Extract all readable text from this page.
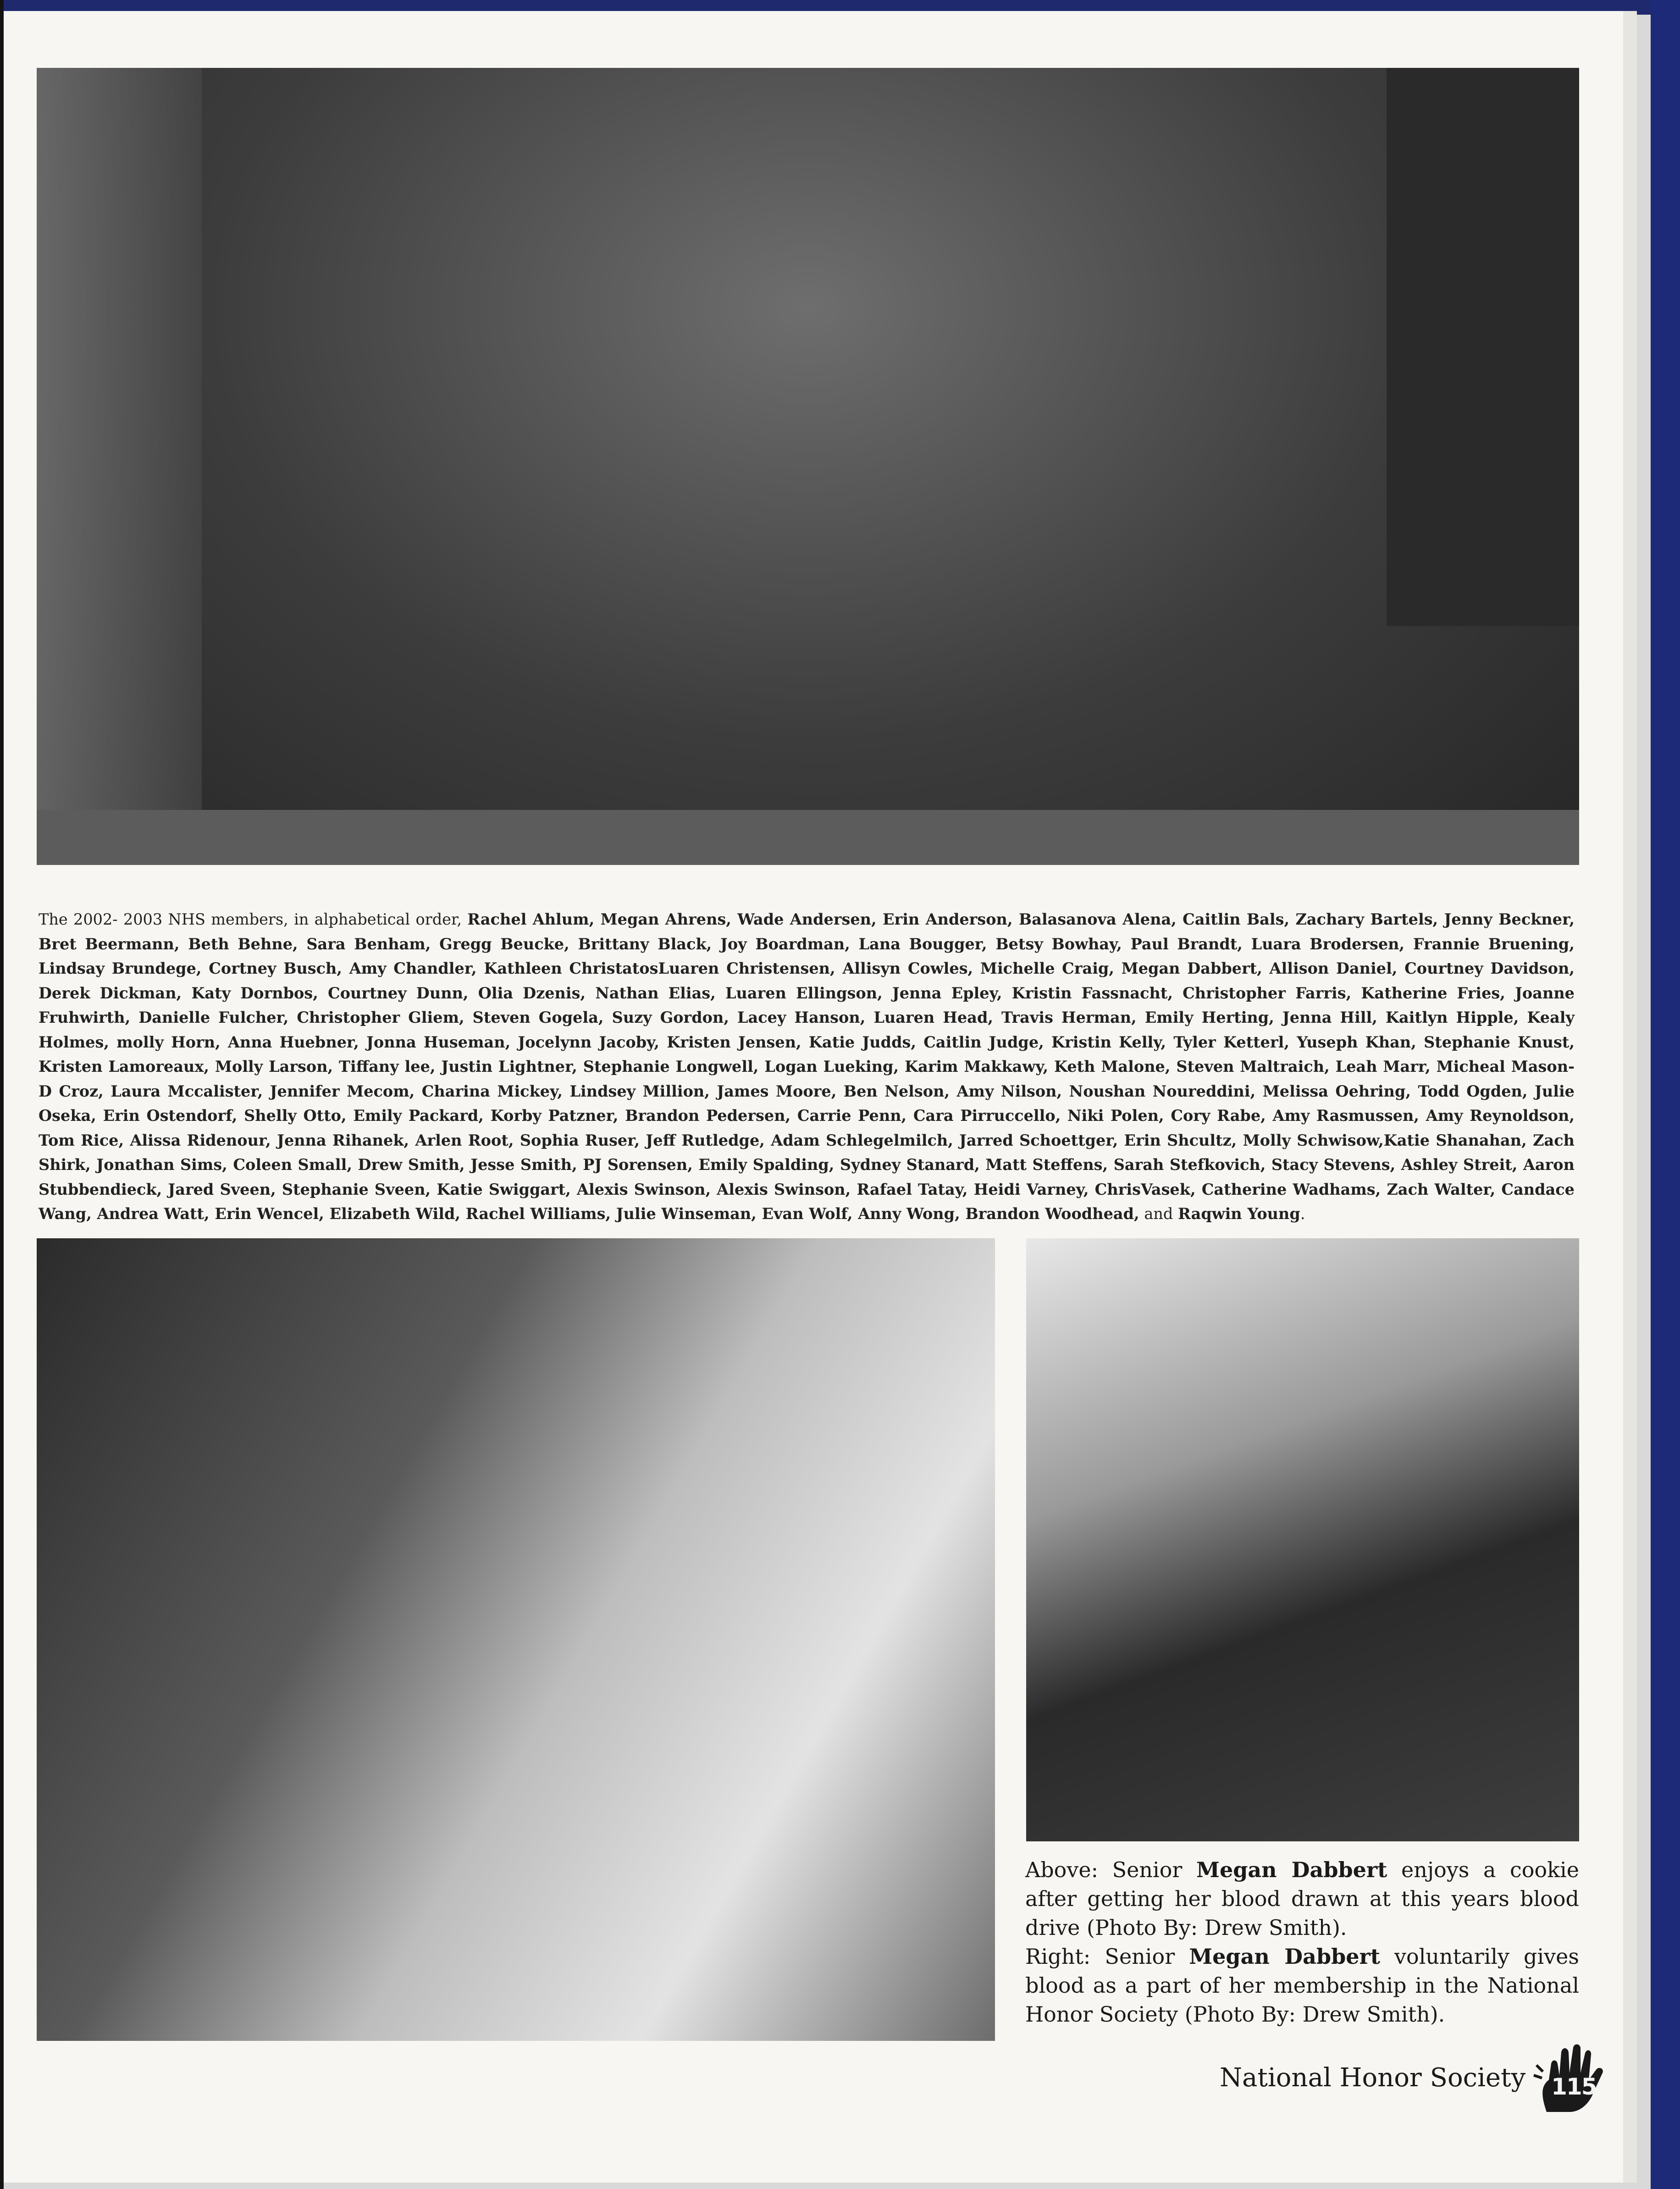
The 2002- 2003 NHS members, in alphabetical order, Rachel Ahlum, Megan Ahrens, Wade Andersen, Erin Anderson, Balasanova Alena, Caitlin Bals, Zachary Bartels, Jenny Beckner, Bret Beermann, Beth Behne, Sara Benham, Gregg Beucke, Brittany Black, Joy Boardman, Lana Bougger, Betsy Bowhay, Paul Brandt, Luara Brodersen, Frannie Bruening, Lindsay Brundege, Cortney Busch, Amy Chandler, Kathleen ChristatosLuaren Christensen, Allisyn Cowles, Michelle Craig, Megan Dabbert, Allison Daniel, Courtney Davidson, Derek Dickman, Katy Dornbos, Courtney Dunn, Olia Dzenis, Nathan Elias, Luaren Ellingson, Jenna Epley, Kristin Fassnacht, Christopher Farris, Katherine Fries, Joanne Fruhwirth, Danielle Fulcher, Christopher Gliem, Steven Gogela, Suzy Gordon, Lacey Hanson, Luaren Head, Travis Herman, Emily Herting, Jenna Hill, Kaitlyn Hipple, Kealy Holmes, molly Horn, Anna Huebner, Jonna Huseman, Jocelynn Jacoby, Kristen Jensen, Katie Judds, Caitlin Judge, Kristin Kelly, Tyler Ketterl, Yuseph Khan, Stephanie Knust, Kristen Lamoreaux, Molly Larson, Tiffany lee, Justin Lightner, Stephanie Longwell, Logan Lueking, Karim Makkawy, Keth Malone, Steven Maltraich, Leah Marr, Micheal Mason-D Croz, Laura Mccalister, Jennifer Mecom, Charina Mickey, Lindsey Million, James Moore, Ben Nelson, Amy Nilson, Noushan Noureddini, Melissa Oehring, Todd Ogden, Julie Oseka, Erin Ostendorf, Shelly Otto, Emily Packard, Korby Patzner, Brandon Pedersen, Carrie Penn, Cara Pirruccello, Niki Polen, Cory Rabe, Amy Rasmussen, Amy Reynoldson, Tom Rice, Alissa Ridenour, Jenna Rihanek, Arlen Root, Sophia Ruser, Jeff Rutledge, Adam Schlegelmilch, Jarred Schoettger, Erin Shcultz, Molly Schwisow,Katie Shanahan, Zach Shirk, Jonathan Sims, Coleen Small, Drew Smith, Jesse Smith, PJ Sorensen, Emily Spalding, Sydney Stanard, Matt Steffens, Sarah Stefkovich, Stacy Stevens, Ashley Streit, Aaron Stubbendieck, Jared Sveen, Stephanie Sveen, Katie Swiggart, Alexis Swinson, Alexis Swinson, Rafael Tatay, Heidi Varney, ChrisVasek, Catherine Wadhams, Zach Walter, Candace Wang, Andrea Watt, Erin Wencel, Elizabeth Wild, Rachel Williams, Julie Winseman, Evan Wolf, Anny Wong, Brandon Woodhead, and Raqwin Young.

Above: Senior Megan Dabbert enjoys a cookie after getting her blood drawn at this years blood drive (Photo By: Drew Smith).

Right: Senior Megan Dabbert voluntarily gives blood as a part of her membership in the National Honor Society (Photo By: Drew Smith).

National Honor Society 115
